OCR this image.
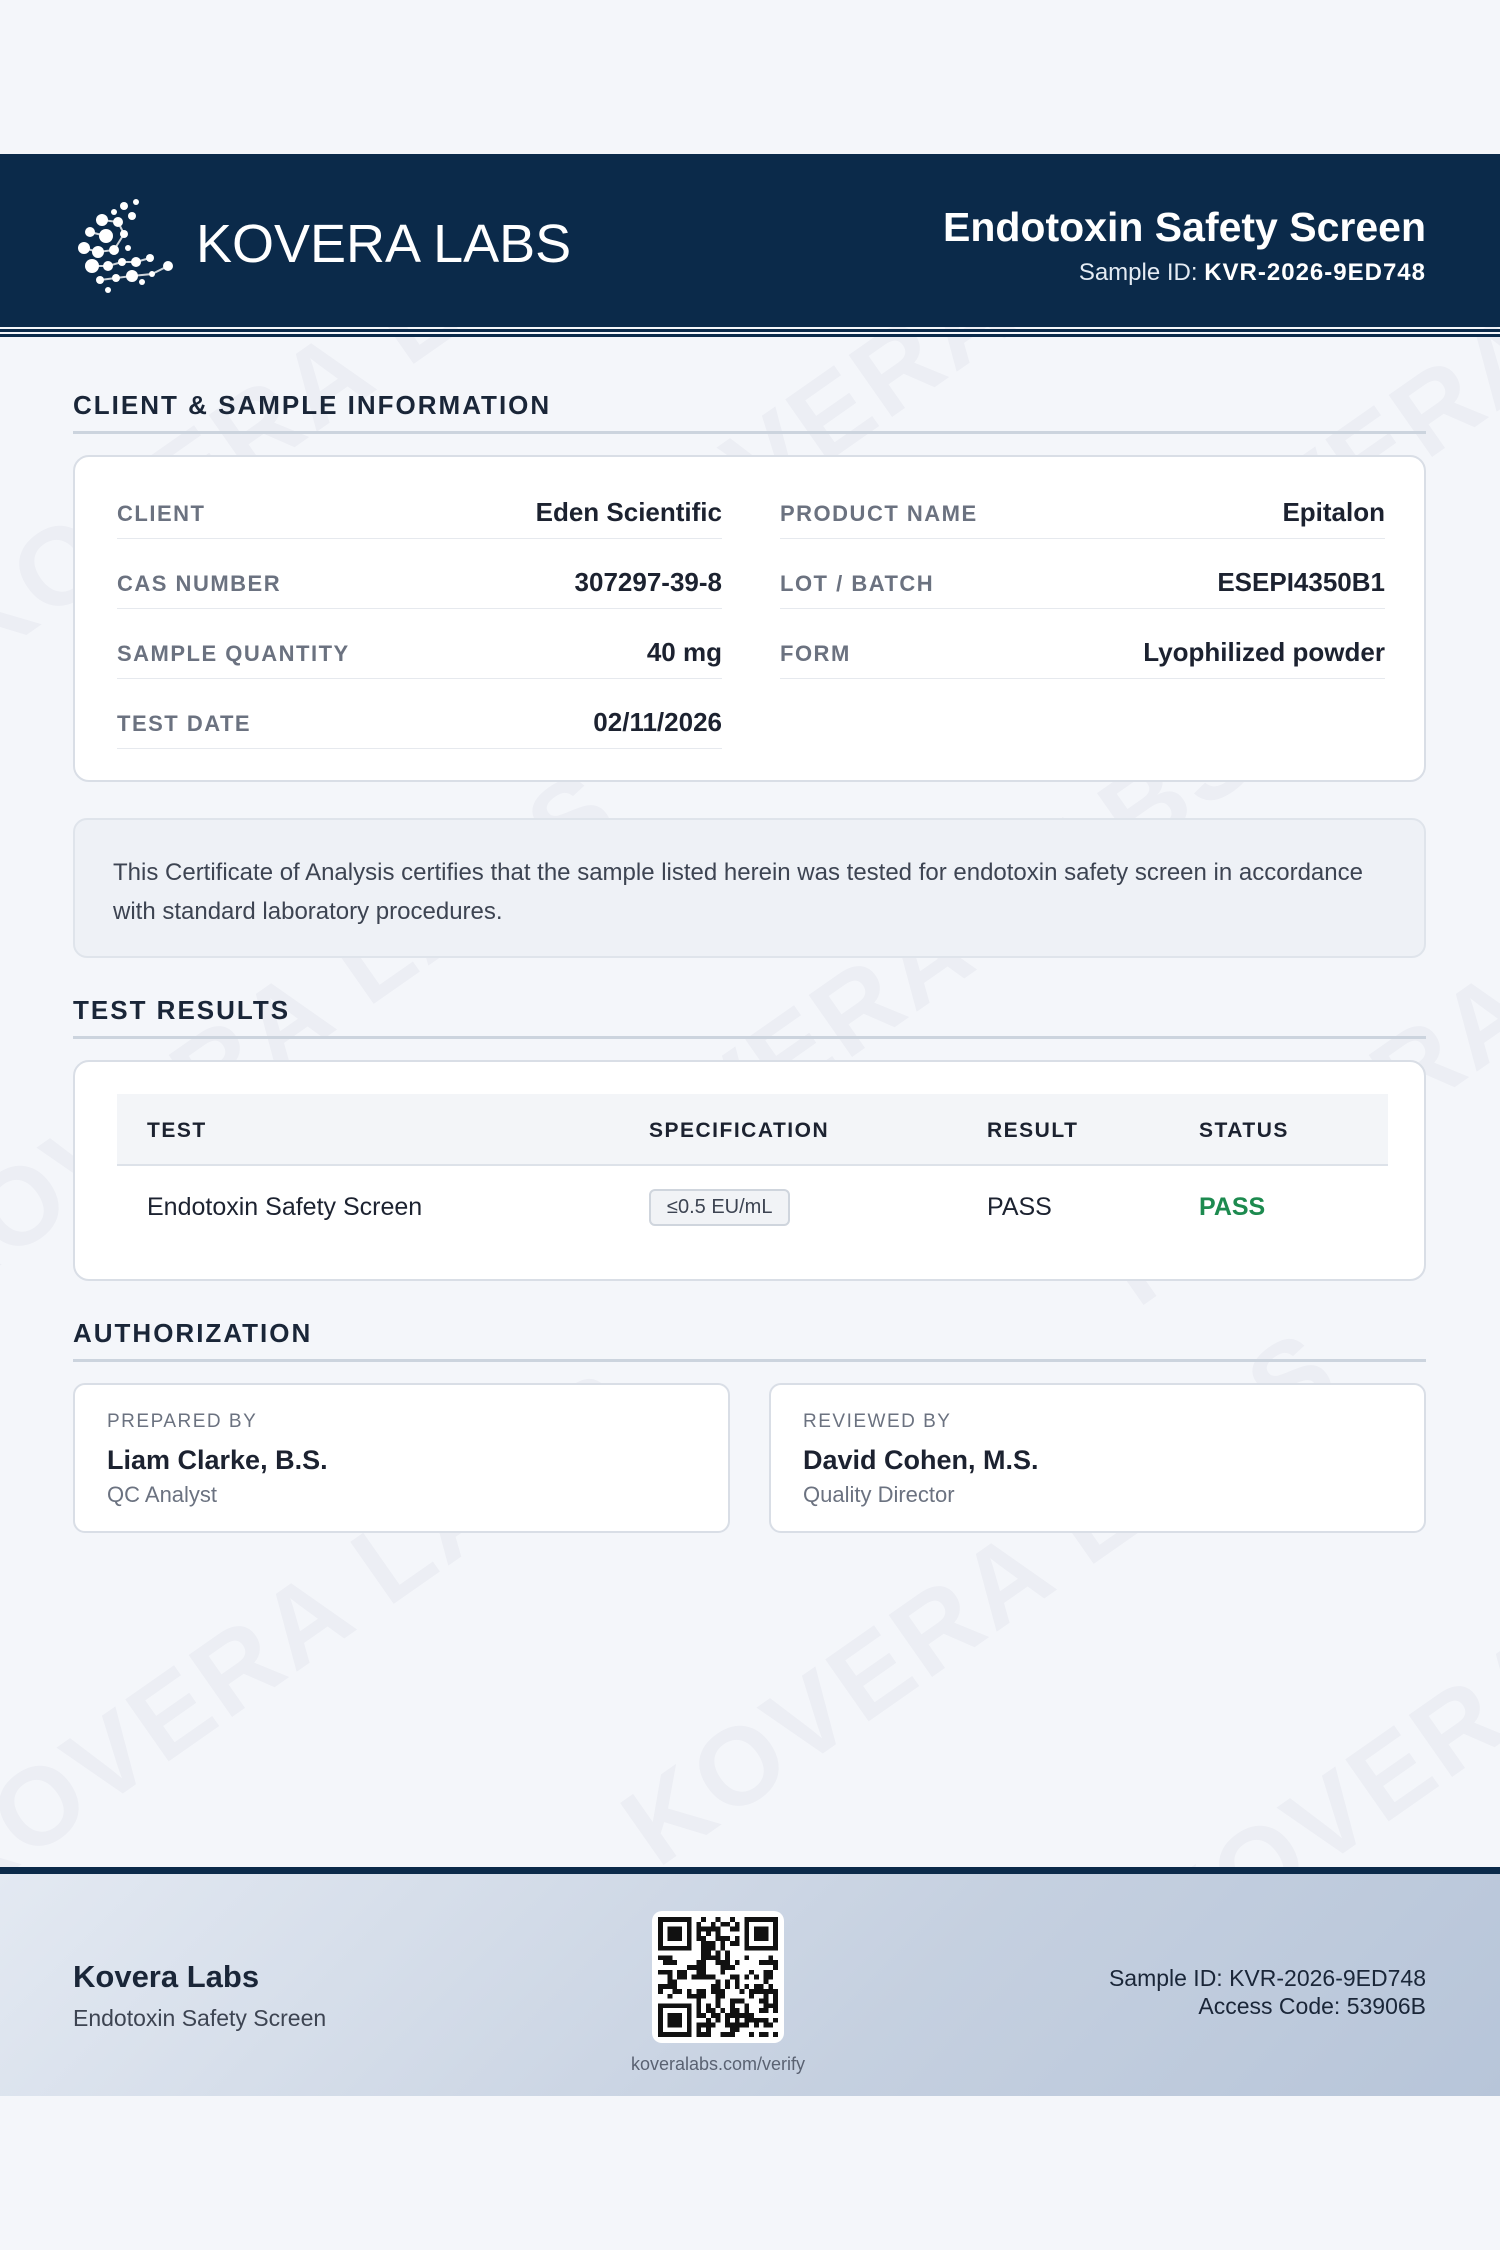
KOVERA LABS	Endotoxin Safety Screen
Sample ID: KVR-2026-9ED748
CLIENT & SAMPLE INFORMATION
CLIENT	Eden Scientific
CAS NUMBER	307297-39-8
SAMPLE QUANTITY	40 mg
TEST DATE	02/11/2026
PRODUCT NAME	Epitalon
LOT / BATCH	ESEPI4350B1
FORM	Lyophilized powder
This Certificate of Analysis certifies that the sample listed herein was tested for endotoxin safety screen in accordance with standard laboratory procedures.
TEST RESULTS
TEST	SPECIFICATION	RESULT	STATUS
Endotoxin Safety Screen	≤0.5 EU/mL	PASS	PASS
AUTHORIZATION
PREPARED BY
Liam Clarke, B.S.
QC Analyst
REVIEWED BY
David Cohen, M.S.
Quality Director
Kovera Labs
Endotoxin Safety Screen
koveralabs.com/verify
Sample ID: KVR-2026-9ED748
Access Code: 53906B
